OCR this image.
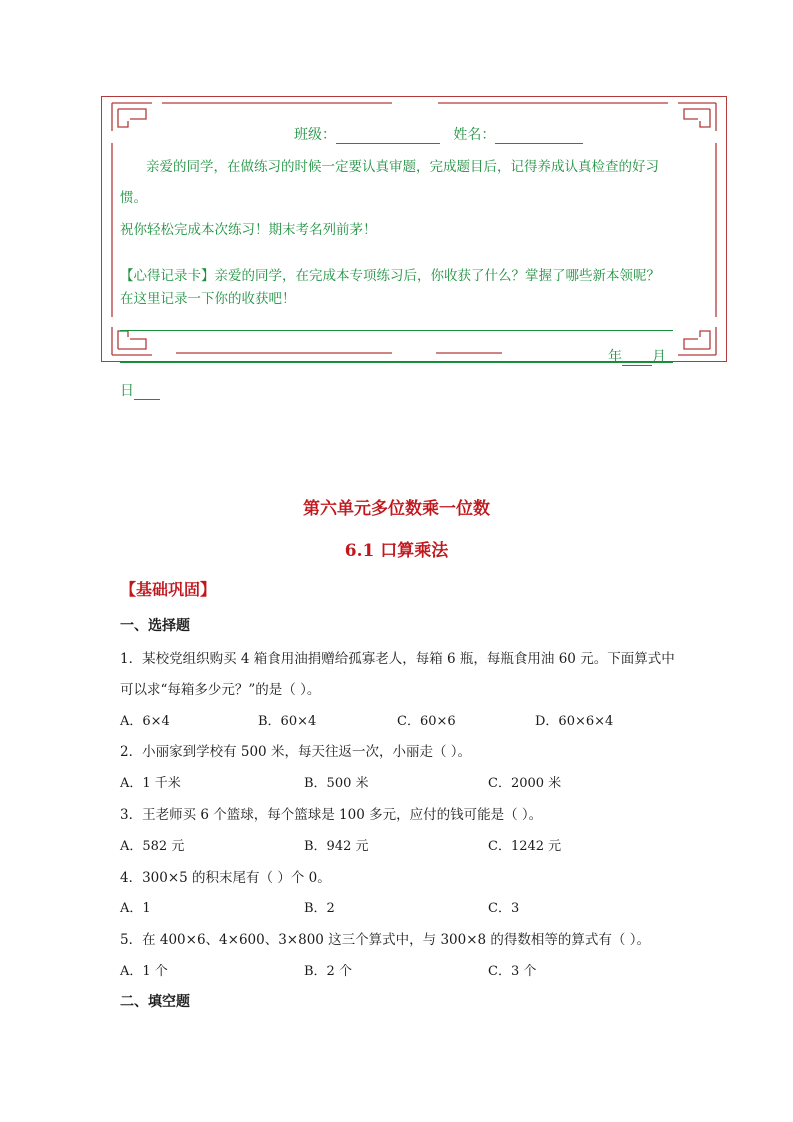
班级：	姓名：
亲爱的同学，在做练习的时候一定要认真审题，完成题目后，记得养成认真检查的好习
惯。
祝你轻松完成本次练习！期末考名列前茅！
【心得记录卡】亲爱的同学，在完成本专项练习后，你收获了什么？掌握了哪些新本领呢？
在这里记录一下你的收获吧！
年 月
日
第六单元多位数乘一位数
6.1 口算乘法
【基础巩固】
一、选择题
1．某校党组织购买 4 箱食用油捐赠给孤寡老人，每箱 6 瓶，每瓶食用油 60 元。下面算式中
可以求“每箱多少元？”的是（ ）。
A．6×4	B．60×4	C．60×6	D．60×6×4
2．小丽家到学校有 500 米，每天往返一次，小丽走（ ）。
A．1 千米	B．500 米	C．2000 米
3．王老师买 6 个篮球，每个篮球是 100 多元，应付的钱可能是（ ）。
A．582 元	B．942 元	C．1242 元
4．300×5 的积末尾有（ ）个 0。
A．1	B．2	C．3
5．在 400×6、4×600、3×800 这三个算式中，与 300×8 的得数相等的算式有（ ）。
A．1 个	B．2 个	C．3 个
二、填空题
